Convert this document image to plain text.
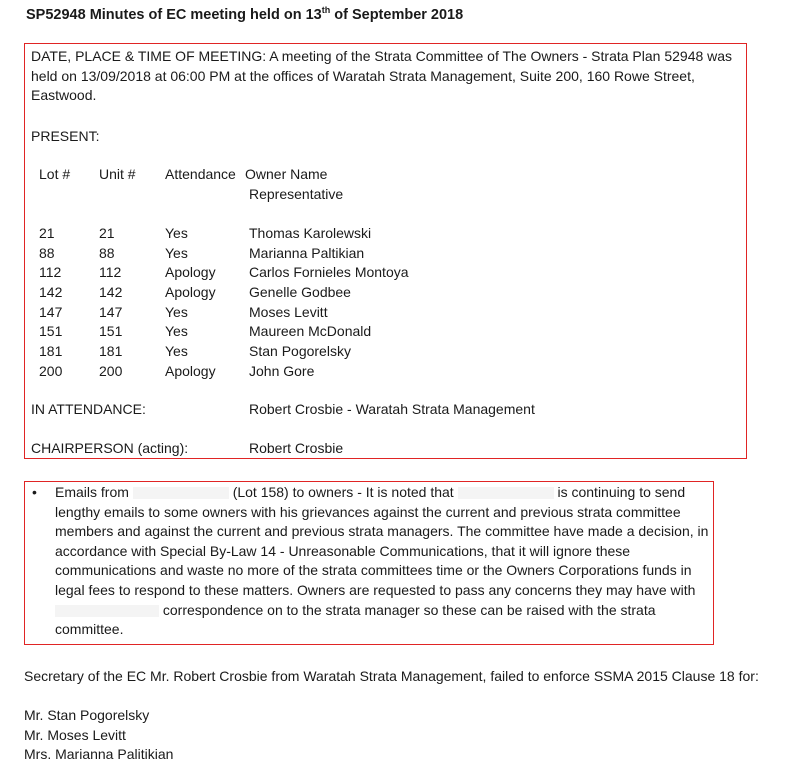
SP52948 Minutes of EC meeting held on 13th of September 2018
DATE, PLACE & TIME OF MEETING: A meeting of the Strata Committee of The Owners - Strata Plan 52948 was held on 13/09/2018 at 06:00 PM at the offices of Waratah Strata Management, Suite 200, 160 Rowe Street, Eastwood.
PRESENT:
Lot # Unit # Attendance Owner Name
Representative
21	21	Yes	Thomas Karolewski
88	88	Yes	Marianna Paltikian
112	112	Apology Carlos Fornieles Montoya
142	142	Apology Genelle Godbee
147	147	Yes	Moses Levitt
151	151	Yes	Maureen McDonald
181	181	Yes	Stan Pogorelsky
200	200	Apology John Gore
IN ATTENDANCE:	Robert Crosbie - Waratah Strata Management
CHAIRPERSON (acting):	Robert Crosbie
• Emails from	(Lot 158) to owners - It is noted that	is continuing to send lengthy emails to some owners with his grievances against the current and previous strata committee members and against the current and previous strata managers. The committee have made a decision, in accordance with Special By-Law 14 - Unreasonable Communications, that it will ignore these communications and waste no more of the strata committees time or the Owners Corporations funds in legal fees to respond to these matters. Owners are requested to pass any concerns they may have with  correspondence on to the strata manager so these can be raised with the strata committee.
Secretary of the EC Mr. Robert Crosbie from Waratah Strata Management, failed to enforce SSMA 2015 Clause 18 for:
Mr. Stan Pogorelsky
Mr. Moses Levitt
Mrs. Marianna Palitikian
